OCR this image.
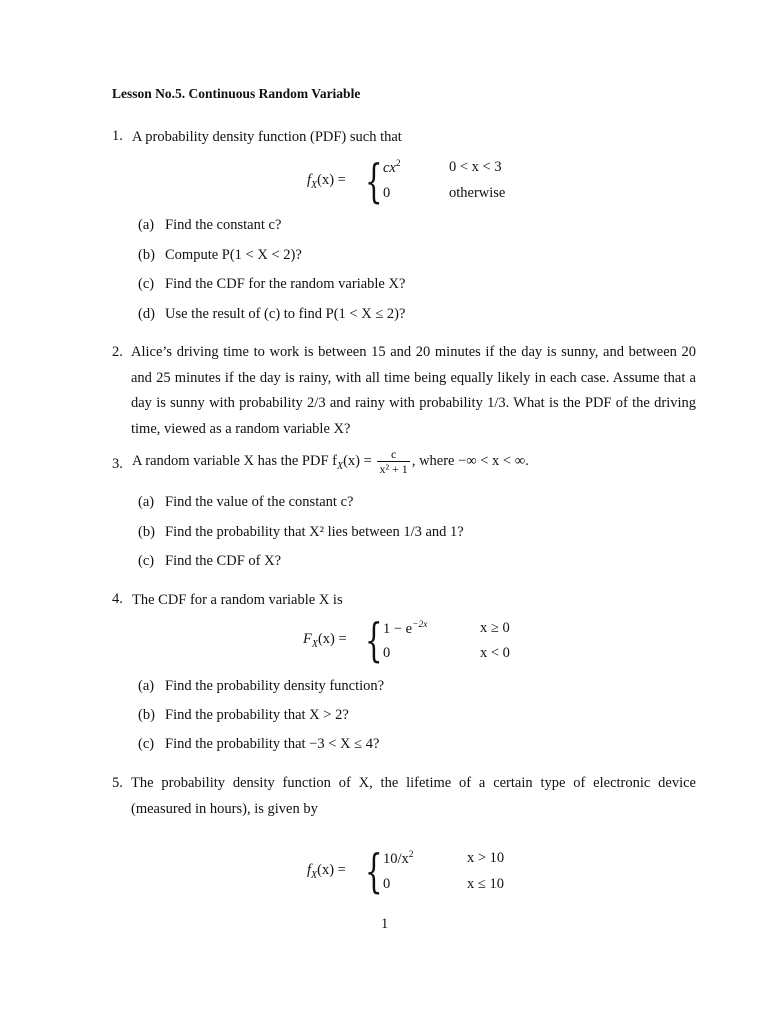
Lesson No.5. Continuous Random Variable
1. A probability density function (PDF) such that
$f_X(x)$ = { $cx^2$	0 < x < 3
0	otherwise
(a) Find the constant c?
(b) Compute P(1 < X < 2)?
(c) Find the CDF for the random variable X?
(d) Use the result of (c) to find P(1 < X ≤ 2)?
2. Alice’s driving time to work is between 15 and 20 minutes if the day is sunny, and between 20 and 25 minutes if the day is rainy, with all time being equally likely in each case. Assume that a day is sunny with probability 2/3 and rainy with probability 1/3. What is the PDF of the driving time, viewed as a random variable X?
3. A random variable X has the PDF $f_X(x) = \frac{c}{\text{x² + 1}}$ , where −∞ < x < ∞.
(a) Find the value of the constant c?
(b) Find the probability that X² lies between 1/3 and 1?
(c) Find the CDF of X?
4. The CDF for a random variable X is
$F_X(x)$ = { $1 - e^{-2x}$	x ≥ 0
0	x < 0
(a) Find the probability density function?
(b) Find the probability that X > 2?
(c) Find the probability that −3 < X ≤ 4?
5. The probability density function of X, the lifetime of a certain type of electronic device (measured in hours), is given by
$f_X(x)$ = { $10/x^2$	x > 10
0	x ≤ 10
1
